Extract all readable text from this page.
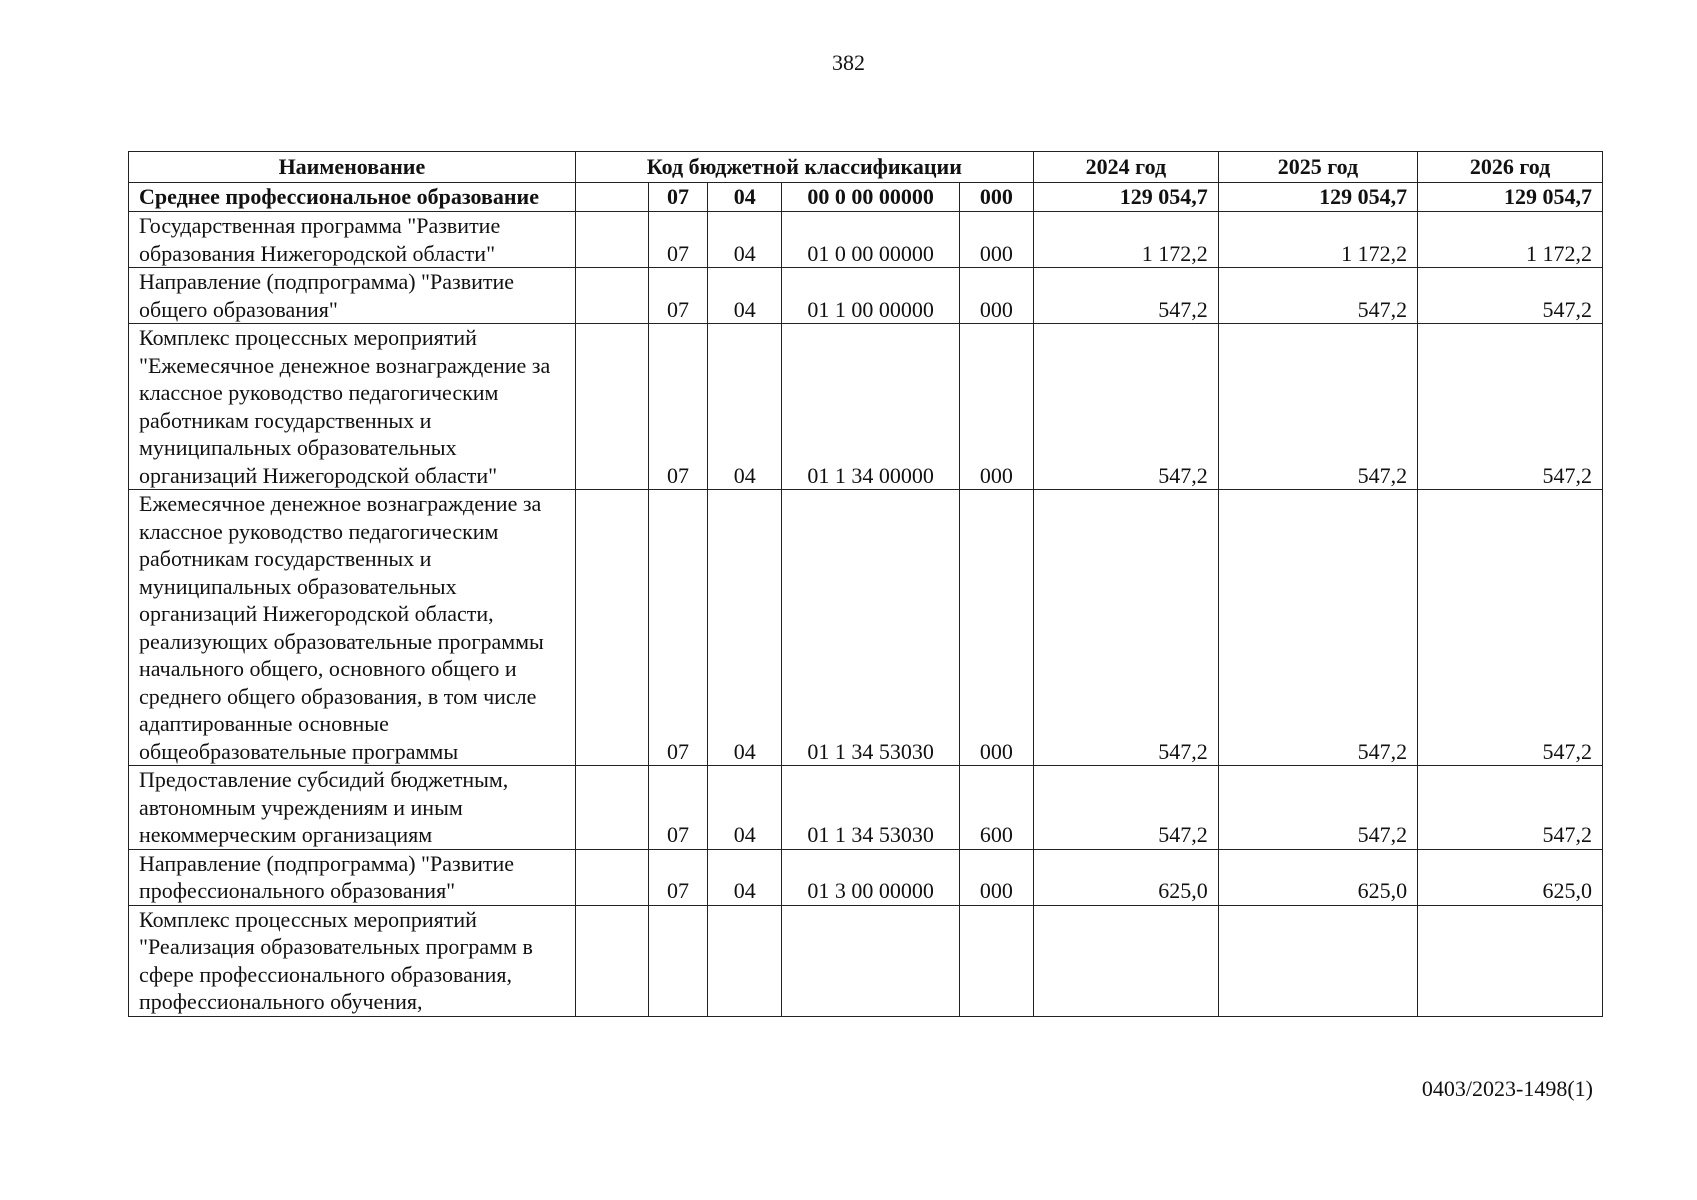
382
Наименование	Код бюджетной классификации					2024 год	2025 год	2026 год
Среднее профессиональное образование		07	04	00 0 00 00000	000	129 054,7	129 054,7	129 054,7
Государственная программа "Развитие образования Нижегородской области"		07	04	01 0 00 00000	000	1 172,2	1 172,2	1 172,2
Направление (подпрограмма) "Развитие общего образования"		07	04	01 1 00 00000	000	547,2	547,2	547,2
Комплекс процессных мероприятий "Ежемесячное денежное вознаграждение за классное руководство педагогическим работникам государственных и муниципальных образовательных организаций Нижегородской области"		07	04	01 1 34 00000	000	547,2	547,2	547,2
Ежемесячное денежное вознаграждение за классное руководство педагогическим работникам государственных и муниципальных образовательных организаций Нижегородской области, реализующих образовательные программы начального общего, основного общего и среднего общего образования, в том числе адаптированные основные общеобразовательные программы		07	04	01 1 34 53030	000	547,2	547,2	547,2
Предоставление субсидий бюджетным, автономным учреждениям и иным некоммерческим организациям		07	04	01 1 34 53030	600	547,2	547,2	547,2
Направление (подпрограмма) "Развитие профессионального образования"		07	04	01 3 00 00000	000	625,0	625,0	625,0
Комплекс процессных мероприятий "Реализация образовательных программ в сфере профессионального образования, профессионального обучения,								
0403/2023-1498(1)
